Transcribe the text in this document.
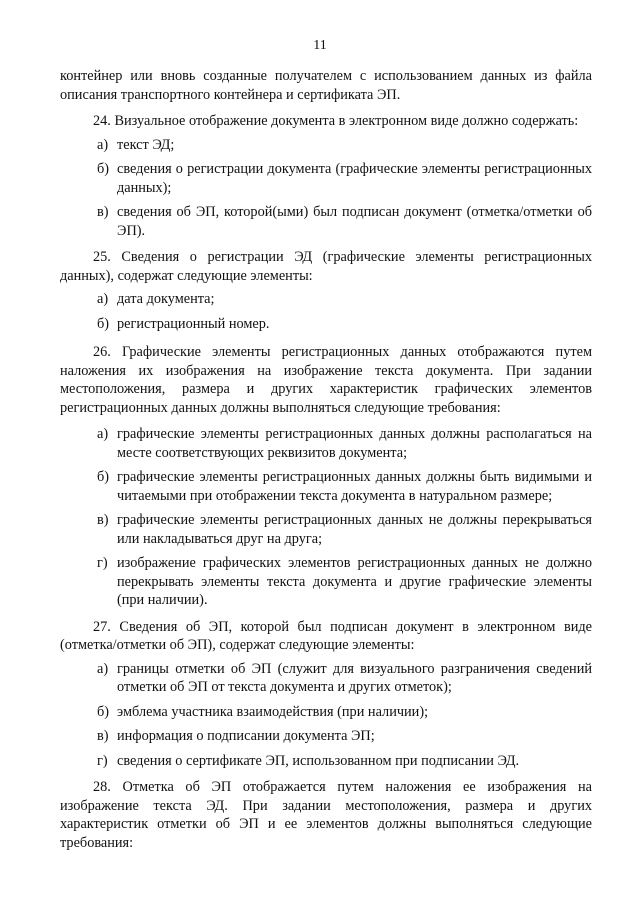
11

контейнер или вновь созданные получателем с использованием данных из файла описания транспортного контейнера и сертификата ЭП.

24. Визуальное отображение документа в электронном виде должно содержать:

а) текст ЭД;
б) сведения о регистрации документа (графические элементы регистрационных данных);
в) сведения об ЭП, которой(ыми) был подписан документ (отметка/отметки об ЭП).

25. Сведения о регистрации ЭД (графические элементы регистрационных данных), содержат следующие элементы:

а) дата документа;
б) регистрационный номер.

26. Графические элементы регистрационных данных отображаются путем наложения их изображения на изображение текста документа. При задании местоположения, размера и других характеристик графических элементов регистрационных данных должны выполняться следующие требования:

а) графические элементы регистрационных данных должны располагаться на месте соответствующих реквизитов документа;
б) графические элементы регистрационных данных должны быть видимыми и читаемыми при отображении текста документа в натуральном размере;
в) графические элементы регистрационных данных не должны перекрываться или накладываться друг на друга;
г) изображение графических элементов регистрационных данных не должно перекрывать элементы текста документа и другие графические элементы (при наличии).

27. Сведения об ЭП, которой был подписан документ в электронном виде (отметка/отметки об ЭП), содержат следующие элементы:

а) границы отметки об ЭП (служит для визуального разграничения сведений отметки об ЭП от текста документа и других отметок);
б) эмблема участника взаимодействия (при наличии);
в) информация о подписании документа ЭП;
г) сведения о сертификате ЭП, использованном при подписании ЭД.

28. Отметка об ЭП отображается путем наложения ее изображения на изображение текста ЭД. При задании местоположения, размера и других характеристик отметки об ЭП и ее элементов должны выполняться следующие требования:
